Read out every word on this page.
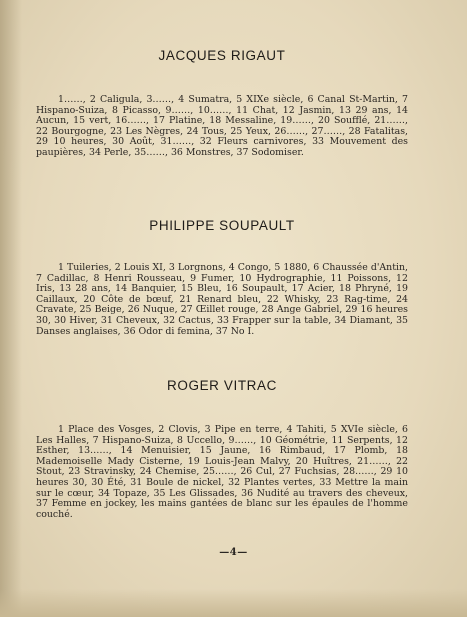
JACQUES RIGAUT

1……, 2 Caligula, 3……, 4 Sumatra, 5 XIXe siècle, 6 Canal St-Martin, 7 Hispano-Suiza, 8 Picasso, 9……, 10……, 11 Chat, 12 Jasmin, 13 29 ans, 14 Aucun, 15 vert, 16……, 17 Platine, 18 Messaline, 19……, 20 Soufflé, 21……, 22 Bourgogne, 23 Les Nègres, 24 Tous, 25 Yeux, 26……, 27……, 28 Fatalitas, 29 10 heures, 30 Août, 31……, 32 Fleurs carnivores, 33 Mouvement des paupières, 34 Perle, 35……, 36 Monstres, 37 Sodomiser.

PHILIPPE SOUPAULT

1 Tuileries, 2 Louis XI, 3 Lorgnons, 4 Congo, 5 1880, 6 Chaussée d'Antin, 7 Cadillac, 8 Henri Rousseau, 9 Fumer, 10 Hydrographie, 11 Poissons, 12 Iris, 13 28 ans, 14 Banquier, 15 Bleu, 16 Soupault, 17 Acier, 18 Phryné, 19 Caillaux, 20 Côte de bœuf, 21 Renard bleu, 22 Whisky, 23 Rag-time, 24 Cravate, 25 Beige, 26 Nuque, 27 Œillet rouge, 28 Ange Gabriel, 29 16 heures 30, 30 Hiver, 31 Cheveux, 32 Cactus, 33 Frapper sur la table, 34 Diamant, 35 Danses anglaises, 36 Odor di femina, 37 No I.

ROGER VITRAC

1 Place des Vosges, 2 Clovis, 3 Pipe en terre, 4 Tahiti, 5 XVIe siècle, 6 Les Halles, 7 Hispano-Suiza, 8 Uccello, 9……, 10 Géométrie, 11 Serpents, 12 Esther, 13……, 14 Menuisier, 15 Jaune, 16 Rimbaud, 17 Plomb, 18 Mademoiselle Mady Cisterne, 19 Louis-Jean Malvy, 20 Huîtres, 21……, 22 Stout, 23 Stravinsky, 24 Chemise, 25……, 26 Cul, 27 Fuchsias, 28……, 29 10 heures 30, 30 Été, 31 Boule de nickel, 32 Plantes vertes, 33 Mettre la main sur le cœur, 34 Topaze, 35 Les Glissades, 36 Nudité au travers des cheveux, 37 Femme en jockey, les mains gantées de blanc sur les épaules de l'homme couché.

—4—
